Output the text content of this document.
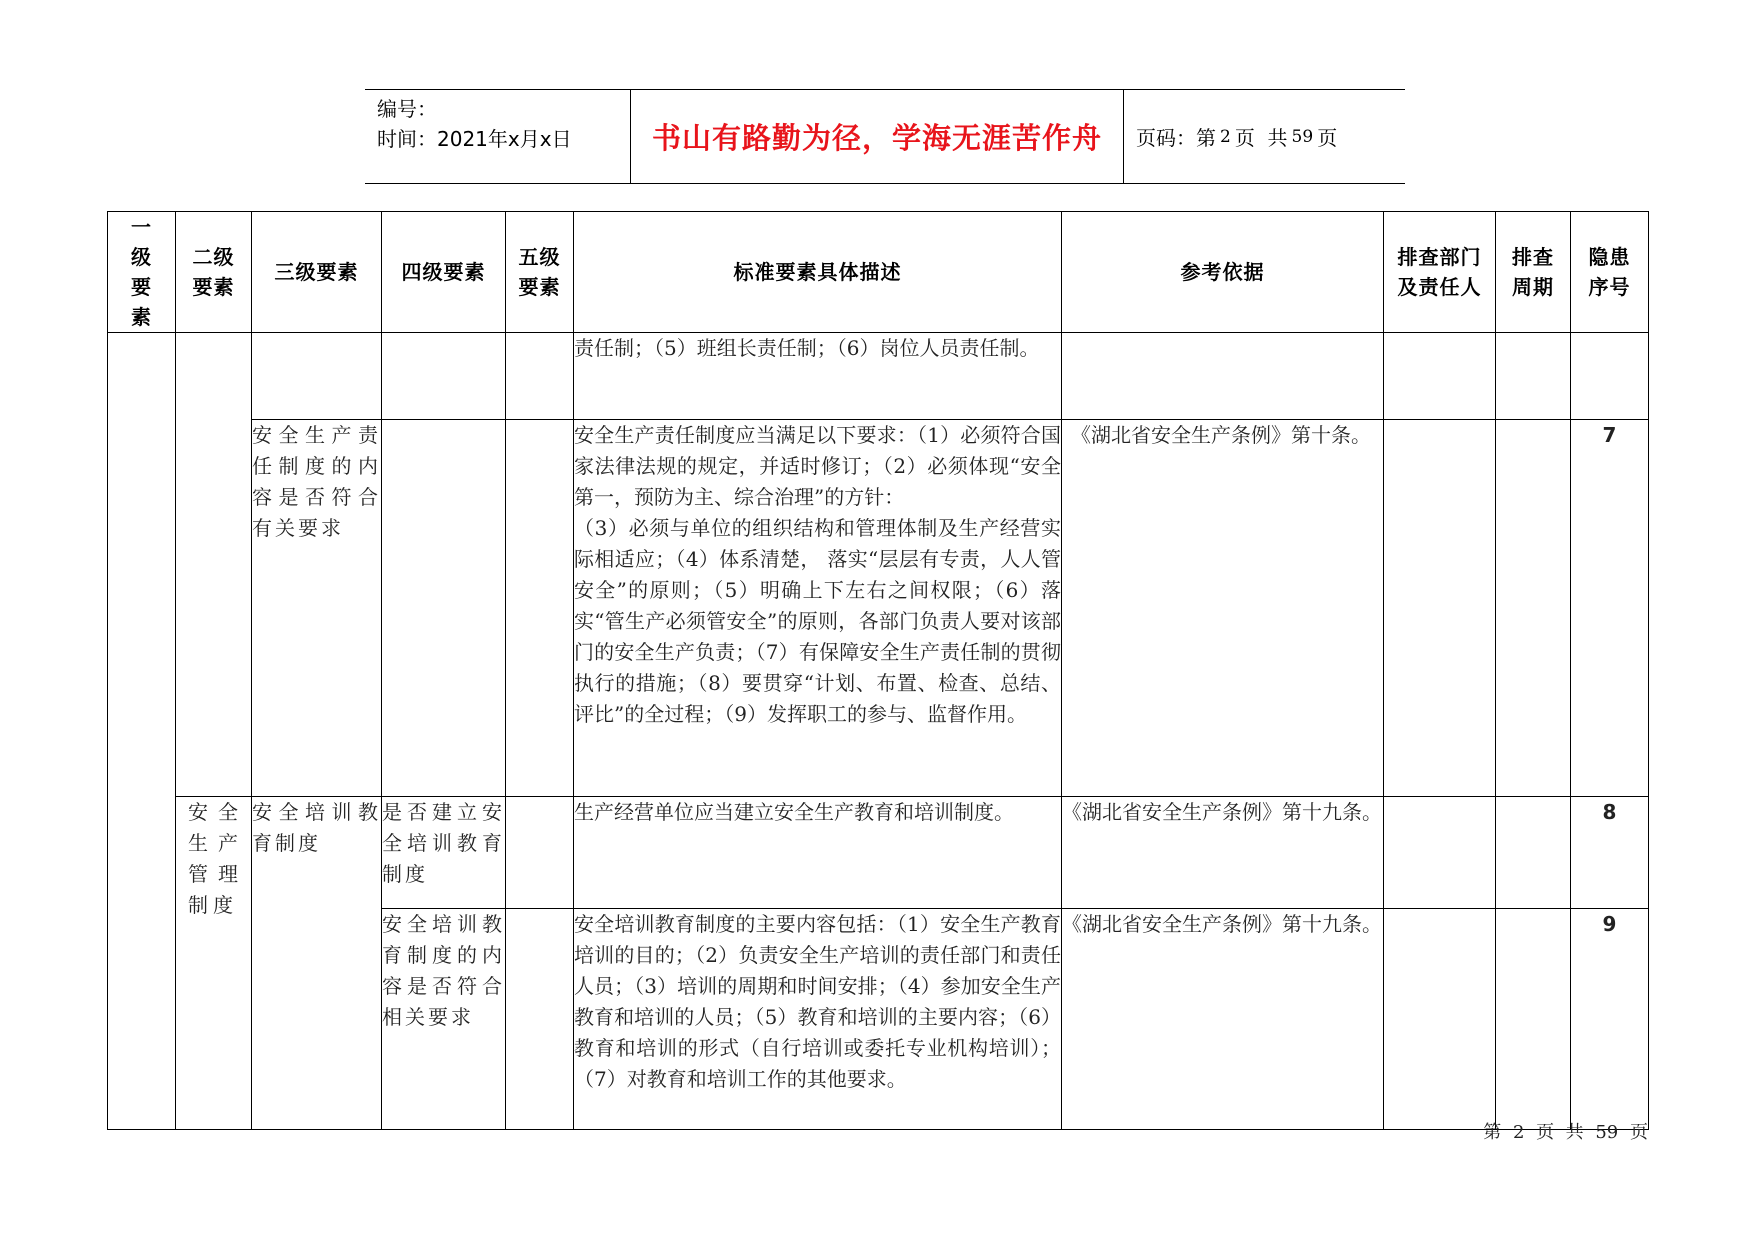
编号：
时间：2021年x月x日	书山有路勤为径，学海无涯苦作舟	页码：第 2 页  共 59 页
一级要素	二级要素	三级要素	四级要素	五级要素	标准要素具体描述	参考依据	排查部门及责任人	排查周期	隐患序号
					责任制；（5）班组长责任制；（6）岗位人员责任制。				
		安全生产责任制度的内容是否符合有关要求			安全生产责任制度应当满足以下要求：（1）必须符合国家法律法规的规定，并适时修订；（2）必须体现“安全第一，预防为主、综合治理”的方针：
（3）必须与单位的组织结构和管理体制及生产经营实际相适应；（4）体系清楚， 落实“层层有专责，人人管安全”的原则；（5）明确上下左右之间权限；（6）落实“管生产必须管安全”的原则，各部门负责人要对该部门的安全生产负责；（7）有保障安全生产责任制的贯彻执行的措施；（8）要贯穿“计划、布置、检查、总结、评比”的全过程；（9）发挥职工的参与、监督作用。	《湖北省安全生产条例》第十条。			7
	安全生产管理制度	安全培训教育制度	是否建立安全培训教育制度		生产经营单位应当建立安全生产教育和培训制度。	《湖北省安全生产条例》第十九条。			8
			安全培训教育制度的内容是否符合相关要求		安全培训教育制度的主要内容包括：（1）安全生产教育培训的目的；（2）负责安全生产培训的责任部门和责任人员；（3）培训的周期和时间安排；（4）参加安全生产教育和培训的人员；（5）教育和培训的主要内容；（6）教育和培训的形式（自行培训或委托专业机构培训）；（7）对教育和培训工作的其他要求。	《湖北省安全生产条例》第十九条。			9
第 2 页  共 59 页
